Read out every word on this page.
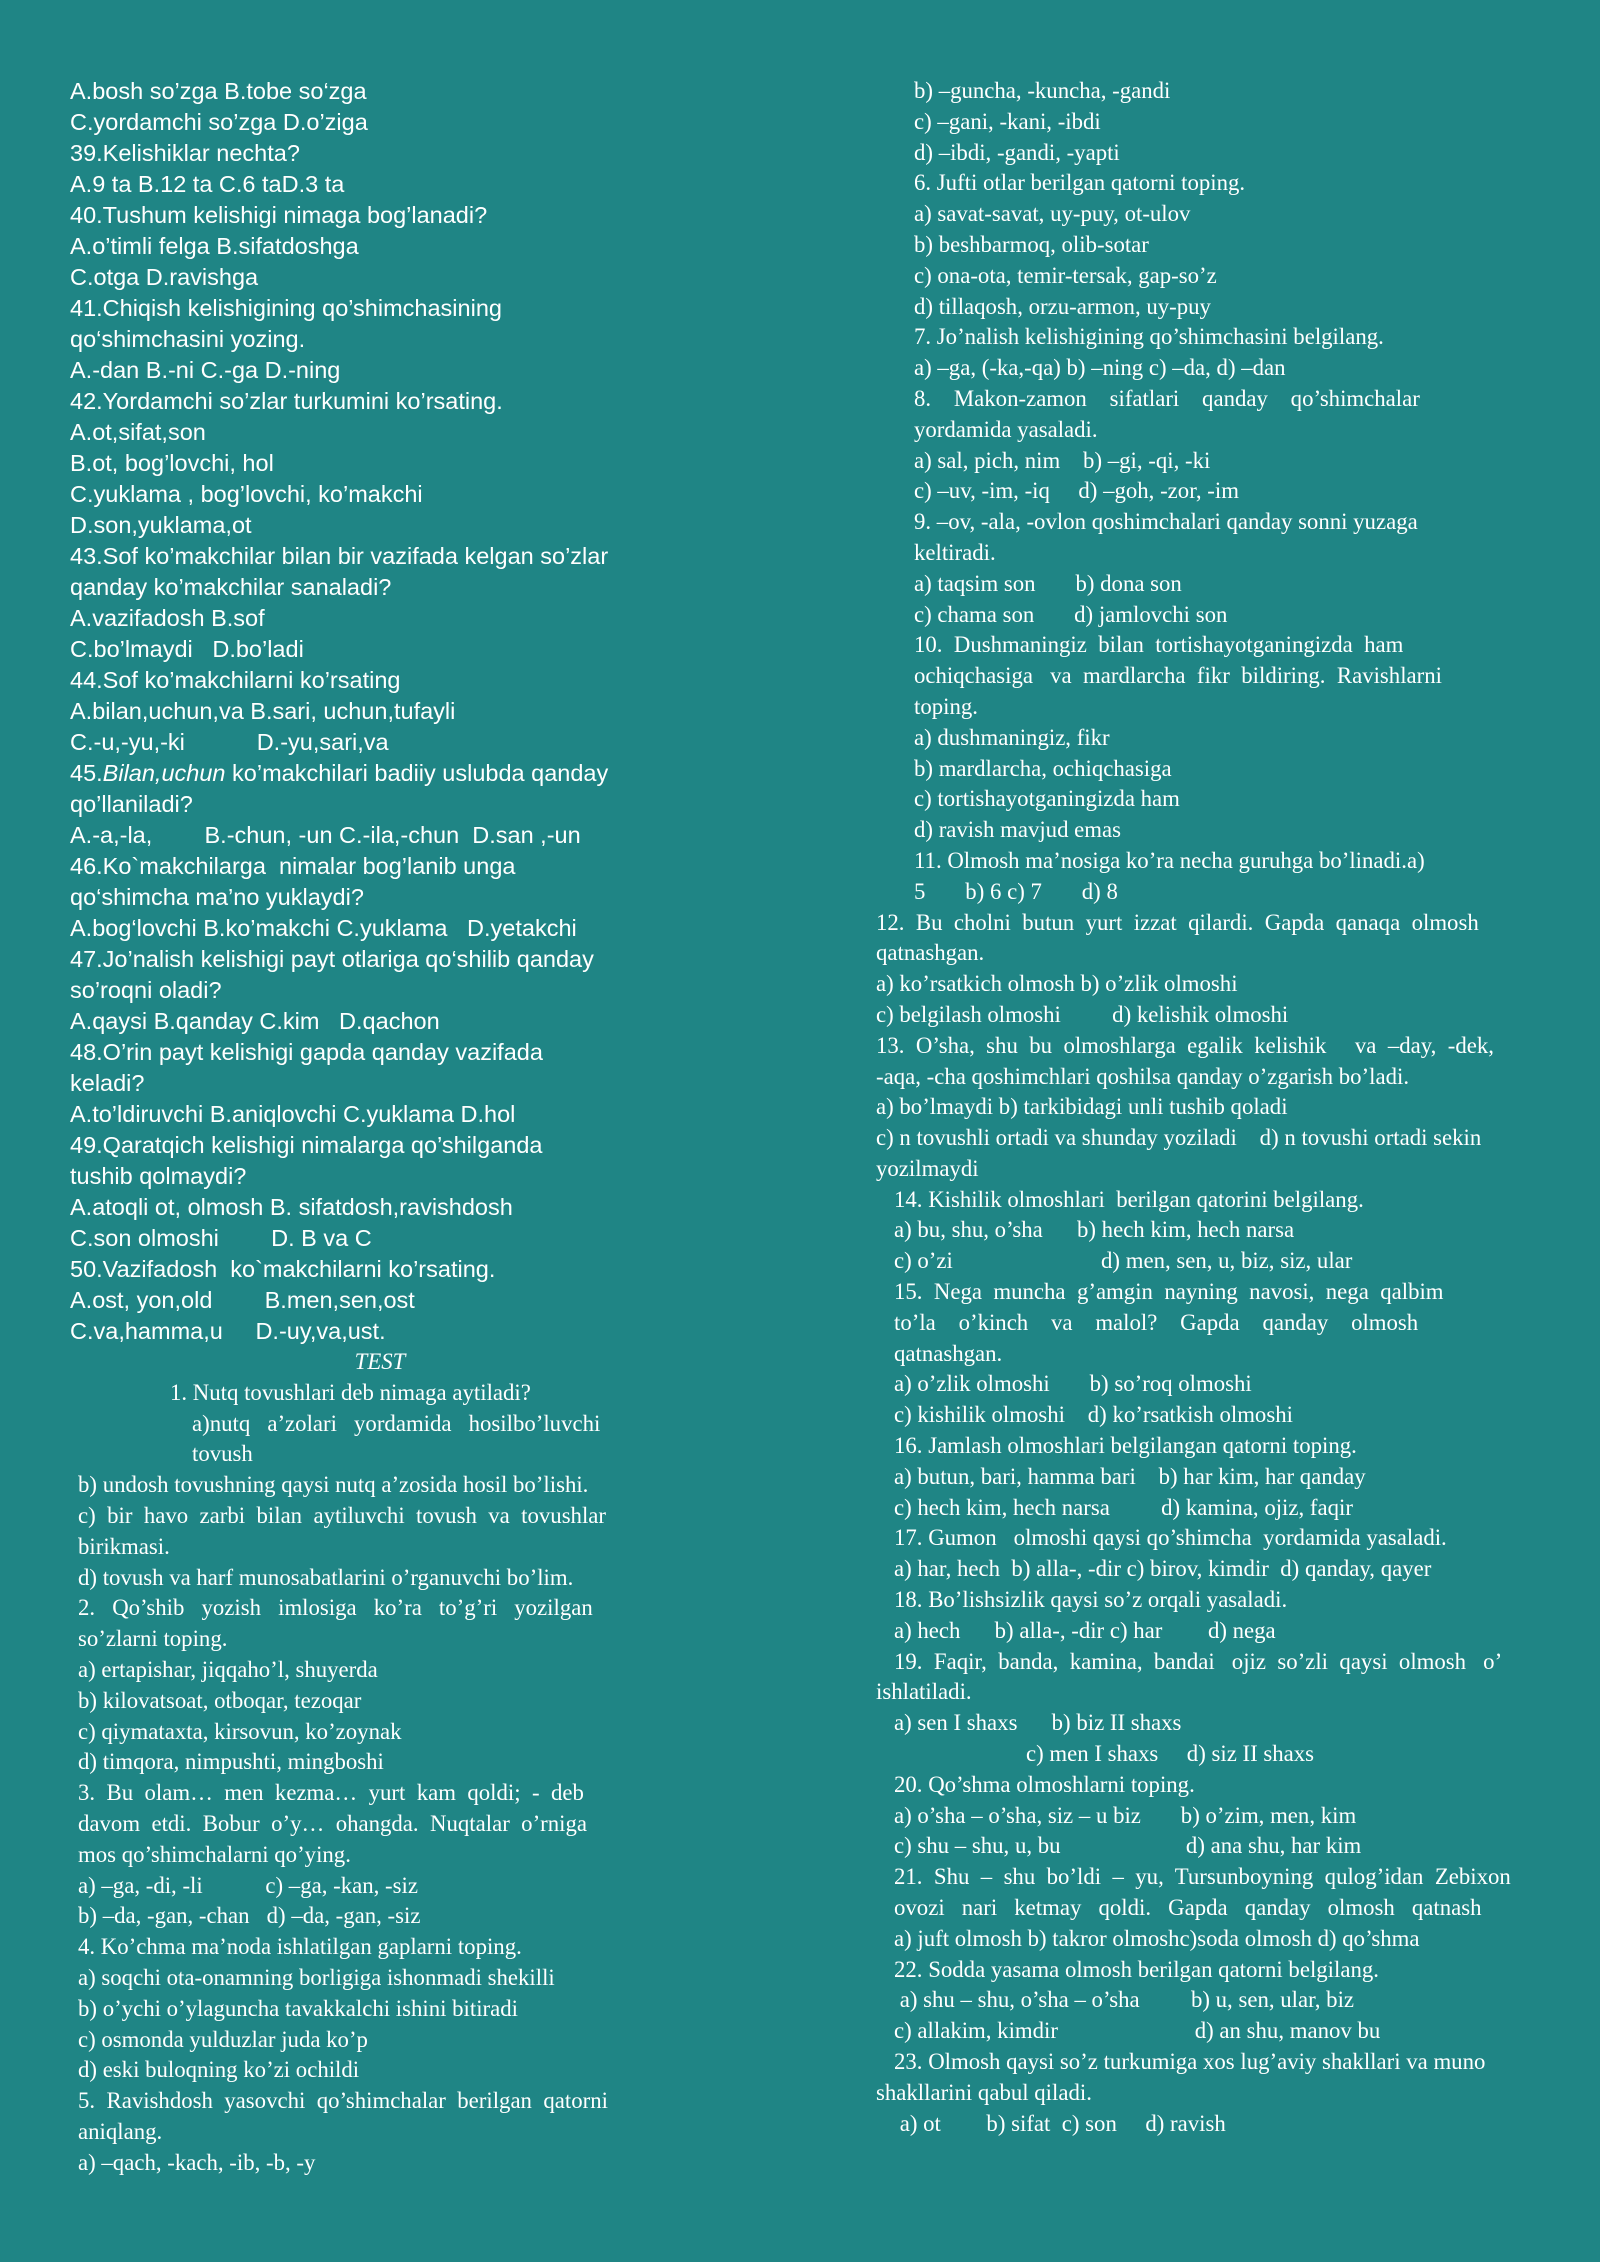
A.bosh so’zga B.tobe so‘zga
C.yordamchi so’zga D.o’ziga
39.Kelishiklar nechta?
A.9 ta B.12 ta C.6 taD.3 ta
40.Tushum kelishigi nimaga bog’lanadi?
A.o’timli felga B.sifatdoshga
C.otga D.ravishga
41.Chiqish kelishigining qo’shimchasining
qo‘shimchasini yozing.
A.-dan B.-ni C.-ga D.-ning
42.Yordamchi so’zlar turkumini ko’rsating.
A.ot,sifat,son
B.ot, bog’lovchi, hol
C.yuklama , bog’lovchi, ko’makchi
D.son,yuklama,ot
43.Sof ko’makchilar bilan bir vazifada kelgan so’zlar
qanday ko’makchilar sanaladi?
A.vazifadosh B.sof
C.bo’lmaydi   D.bo’ladi
44.Sof ko’makchilarni ko’rsating
A.bilan,uchun,va B.sari, uchun,tufayli
C.-u,-yu,-ki           D.-yu,sari,va
45.Bilan,uchun ko’makchilari badiiy uslubda qanday
qo’llaniladi?
A.-a,-la,        B.-chun, -un C.-ila,-chun  D.san ,-un
46.Ko`makchilarga  nimalar bog’lanib unga
qo‘shimcha ma’no yuklaydi?
A.bog‘lovchi B.ko’makchi C.yuklama   D.yetakchi
47.Jo’nalish kelishigi payt otlariga qo‘shilib qanday
so’roqni oladi?
A.qaysi B.qanday C.kim   D.qachon
48.O’rin payt kelishigi gapda qanday vazifada
keladi?
A.to’ldiruvchi B.aniqlovchi C.yuklama D.hol
49.Qaratqich kelishigi nimalarga qo’shilganda
tushib qolmaydi?
A.atoqli ot, olmosh B. sifatdosh,ravishdosh
C.son olmoshi        D. B va C
50.Vazifadosh  ko`makchilarni ko’rsating.
A.ost, yon,old        B.men,sen,ost
C.va,hamma,u     D.-uy,va,ust.
TEST
1. Nutq tovushlari deb nimaga aytiladi?
a)nutq   a’zolari   yordamida   hosilbo’luvchi
tovush
b) undosh tovushning qaysi nutq a’zosida hosil bo’lishi.
c)  bir  havo  zarbi  bilan  aytiluvchi  tovush  va  tovushlar
birikmasi.
d) tovush va harf munosabatlarini o’rganuvchi bo’lim.
2.   Qo’shib   yozish   imlosiga   ko’ra   to’g’ri   yozilgan
so’zlarni toping.
a) ertapishar, jiqqaho’l, shuyerda
b) kilovatsoat, otboqar, tezoqar
c) qiymataxta, kirsovun, ko’zoynak
d) timqora, nimpushti, mingboshi
3.  Bu  olam…  men  kezma…  yurt  kam  qoldi;  -  deb
davom  etdi.  Bobur  o’y…  ohangda.  Nuqtalar  o’rniga
mos qo’shimchalarni qo’ying.
a) –ga, -di, -li           c) –ga, -kan, -siz
b) –da, -gan, -chan   d) –da, -gan, -siz
4. Ko’chma ma’noda ishlatilgan gaplarni toping.
a) soqchi ota-onamning borligiga ishonmadi shekilli
b) o’ychi o’ylaguncha tavakkalchi ishini bitiradi
c) osmonda yulduzlar juda ko’p
d) eski buloqning ko’zi ochildi
5.  Ravishdosh  yasovchi  qo’shimchalar  berilgan  qatorni
aniqlang.
a) –qach, -kach, -ib, -b, -y
b) –guncha, -kuncha, -gandi
c) –gani, -kani, -ibdi
d) –ibdi, -gandi, -yapti
6. Jufti otlar berilgan qatorni toping.
a) savat-savat, uy-puy, ot-ulov
b) beshbarmoq, olib-sotar
c) ona-ota, temir-tersak, gap-so’z
d) tillaqosh, orzu-armon, uy-puy
7. Jo’nalish kelishigining qo’shimchasini belgilang.
a) –ga, (-ka,-qa) b) –ning c) –da, d) –dan
8.    Makon-zamon    sifatlari    qanday    qo’shimchalar
yordamida yasaladi.
a) sal, pich, nim    b) –gi, -qi, -ki
c) –uv, -im, -iq     d) –goh, -zor, -im
9. –ov, -ala, -ovlon qoshimchalari qanday sonni yuzaga
keltiradi.
a) taqsim son       b) dona son
c) chama son       d) jamlovchi son
10.  Dushmaningiz  bilan  tortishayotganingizda  ham
ochiqchasiga   va  mardlarcha  fikr  bildiring.  Ravishlarni
toping.
a) dushmaningiz, fikr
b) mardlarcha, ochiqchasiga
c) tortishayotganingizda ham
d) ravish mavjud emas
11. Olmosh ma’nosiga ko’ra necha guruhga bo’linadi.a)
5       b) 6 c) 7       d) 8
12.  Bu  cholni  butun  yurt  izzat  qilardi.  Gapda  qanaqa  olmosh
qatnashgan.
a) ko’rsatkich olmosh b) o’zlik olmoshi
c) belgilash olmoshi         d) kelishik olmoshi
13.  O’sha,  shu  bu  olmoshlarga  egalik  kelishik     va  –day,  -dek,
-aqa, -cha qoshimchlari qoshilsa qanday o’zgarish bo’ladi.
a) bo’lmaydi b) tarkibidagi unli tushib qoladi
c) n tovushli ortadi va shunday yoziladi    d) n tovushi ortadi sekin
yozilmaydi
14. Kishilik olmoshlari  berilgan qatorini belgilang.
a) bu, shu, o’sha      b) hech kim, hech narsa
c) o’zi                          d) men, sen, u, biz, siz, ular
15.  Nega  muncha  g’amgin  nayning  navosi,  nega  qalbim
to’la    o’kinch    va    malol?    Gapda    qanday    olmosh
qatnashgan.
a) o’zlik olmoshi       b) so’roq olmoshi
c) kishilik olmoshi    d) ko’rsatkish olmoshi
16. Jamlash olmoshlari belgilangan qatorni toping.
a) butun, bari, hamma bari    b) har kim, har qanday
c) hech kim, hech narsa         d) kamina, ojiz, faqir
17. Gumon   olmoshi qaysi qo’shimcha  yordamida yasaladi.
a) har, hech  b) alla-, -dir c) birov, kimdir  d) qanday, qayer
18. Bo’lishsizlik qaysi so’z orqali yasaladi.
a) hech      b) alla-, -dir c) har        d) nega
19.  Faqir,  banda,  kamina,  bandai   ojiz  so’zli  qaysi  olmosh   o’
ishlatiladi.
a) sen I shaxs      b) biz II shaxs
c) men I shaxs     d) siz II shaxs
20. Qo’shma olmoshlarni toping.
a) o’sha – o’sha, siz – u biz       b) o’zim, men, kim
c) shu – shu, u, bu                      d) ana shu, har kim
21.  Shu  –  shu  bo’ldi  –  yu,  Tursunboyning  qulog’idan  Zebixon
ovozi   nari   ketmay   qoldi.   Gapda   qanday   olmosh   qatnash
a) juft olmosh b) takror olmoshc)soda olmosh d) qo’shma
22. Sodda yasama olmosh berilgan qatorni belgilang.
a) shu – shu, o’sha – o’sha         b) u, sen, ular, biz
c) allakim, kimdir                        d) an shu, manov bu
23. Olmosh qaysi so’z turkumiga xos lug’aviy shakllari va muno
shakllarini qabul qiladi.
a) ot        b) sifat  c) son     d) ravish
